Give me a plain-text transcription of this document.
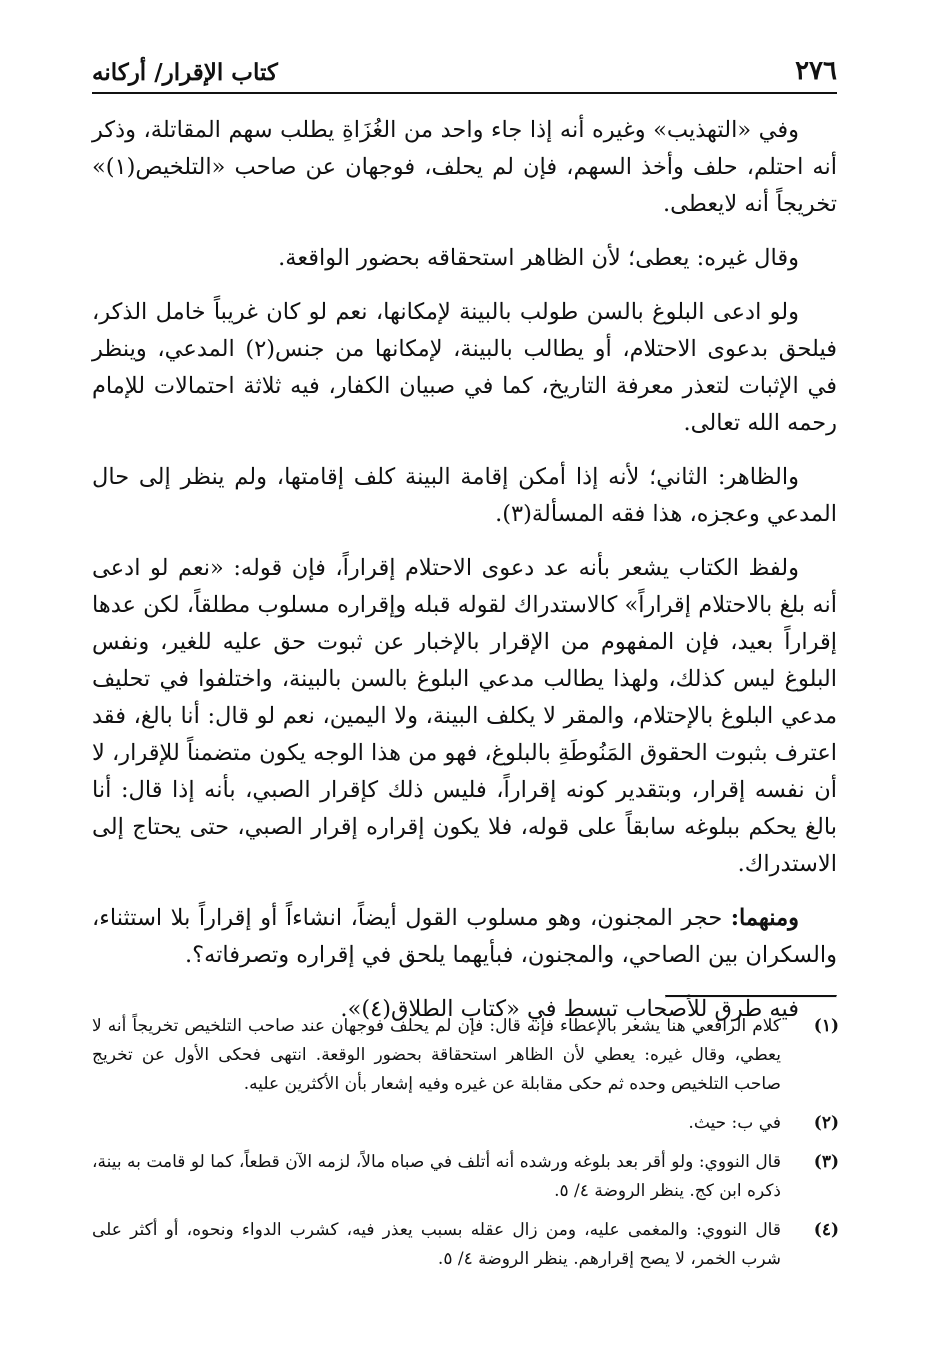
٢٧٦
كتاب الإقرار/ أركانه

وفي «التهذيب» وغيره أنه إذا جاء واحد من الغُزَاةِ يطلب سهم المقاتلة، وذكر أنه احتلم، حلف وأخذ السهم، فإن لم يحلف، فوجهان عن صاحب «التلخيص(١)» تخريجاً أنه لايعطى.

وقال غيره: يعطى؛ لأن الظاهر استحقاقه بحضور الواقعة.

ولو ادعى البلوغ بالسن طولب بالبينة لإمكانها، نعم لو كان غريباً خامل الذكر، فيلحق بدعوى الاحتلام، أو يطالب بالبينة، لإمكانها من جنس(٢) المدعي، وينظر في الإثبات لتعذر معرفة التاريخ، كما في صبيان الكفار، فيه ثلاثة احتمالات للإمام رحمه الله تعالى.

والظاهر: الثاني؛ لأنه إذا أمكن إقامة البينة كلف إقامتها، ولم ينظر إلى حال المدعي وعجزه، هذا فقه المسألة(٣).

ولفظ الكتاب يشعر بأنه عد دعوى الاحتلام إقراراً، فإن قوله: «نعم لو ادعى أنه بلغ بالاحتلام إقراراً» كالاستدراك لقوله قبله وإقراره مسلوب مطلقاً، لكن عدها إقراراً بعيد، فإن المفهوم من الإقرار بالإخبار عن ثبوت حق عليه للغير، ونفس البلوغ ليس كذلك، ولهذا يطالب مدعي البلوغ بالسن بالبينة، واختلفوا في تحليف مدعي البلوغ بالإحتلام، والمقر لا يكلف البينة، ولا اليمين، نعم لو قال: أنا بالغ، فقد اعترف بثبوت الحقوق المَنُوطَةِ بالبلوغ، فهو من هذا الوجه يكون متضمناً للإقرار، لا أن نفسه إقرار، وبتقدير كونه إقراراً، فليس ذلك كإقرار الصبي، بأنه إذا قال: أنا بالغ يحكم ببلوغه سابقاً على قوله، فلا يكون إقراره إقرار الصبي، حتى يحتاج إلى الاستدراك.

ومنهما: حجر المجنون، وهو مسلوب القول أيضاً، انشاءاً أو إقراراً بلا استثناء، والسكران بين الصاحي، والمجنون، فبأيهما يلحق في إقراره وتصرفاته؟.

فيه طرق للأصحاب تبسط في «كتاب الطلاق(٤)».

(١)
كلام الرافعي هنا يشعر بالإعطاء فإنه قال: فإن لم يحلف فوجهان عند صاحب التلخيص تخريجاً أنه لا يعطي، وقال غيره: يعطي لأن الظاهر استحقاقة بحضور الوقعة. انتهى فحكى الأول عن تخريج صاحب التلخيص وحده ثم حكى مقابلة عن غيره وفيه إشعار بأن الأكثرين عليه.
(٢)
في ب: حيث.
(٣)
قال النووي: ولو أقر بعد بلوغه ورشده أنه أتلف في صباه مالاً، لزمه الآن قطعاً، كما لو قامت به بينة، ذكره ابن كج. ينظر الروضة ٤/ ٥.
(٤)
قال النووي: والمغمى عليه، ومن زال عقله بسبب يعذر فيه، كشرب الدواء ونحوه، أو أكثر على شرب الخمر، لا يصح إقرارهم. ينظر الروضة ٤/ ٥.
